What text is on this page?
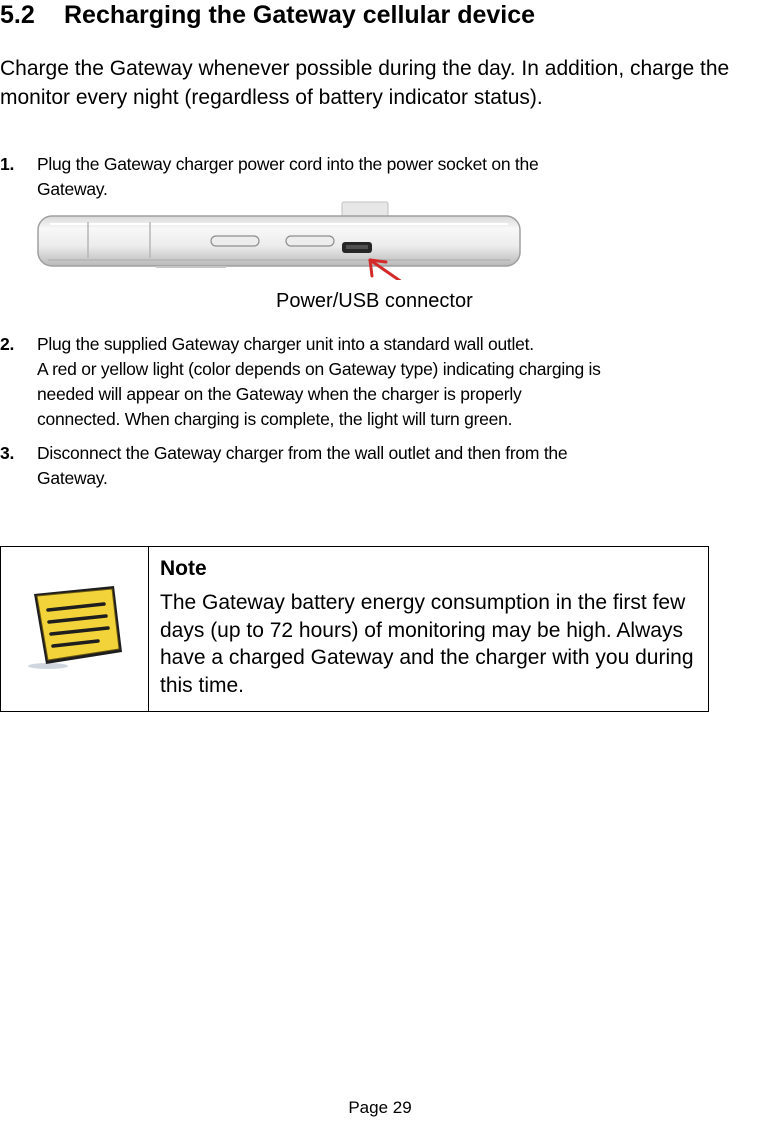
5.2 Recharging the Gateway cellular device

Charge the Gateway whenever possible during the day. In addition, charge the monitor every night (regardless of battery indicator status).

1. Plug the Gateway charger power cord into the power socket on the
Gateway.
Power/USB connector
2. Plug the supplied Gateway charger unit into a standard wall outlet.
A red or yellow light (color depends on Gateway type) indicating charging is
needed will appear on the Gateway when the charger is properly
connected. When charging is complete, the light will turn green.
3. Disconnect the Gateway charger from the wall outlet and then from the
Gateway.

Note

The Gateway battery energy consumption in the first few days (up to 72 hours) of monitoring may be high. Always have a charged Gateway and the charger with you during this time.

Page 29
